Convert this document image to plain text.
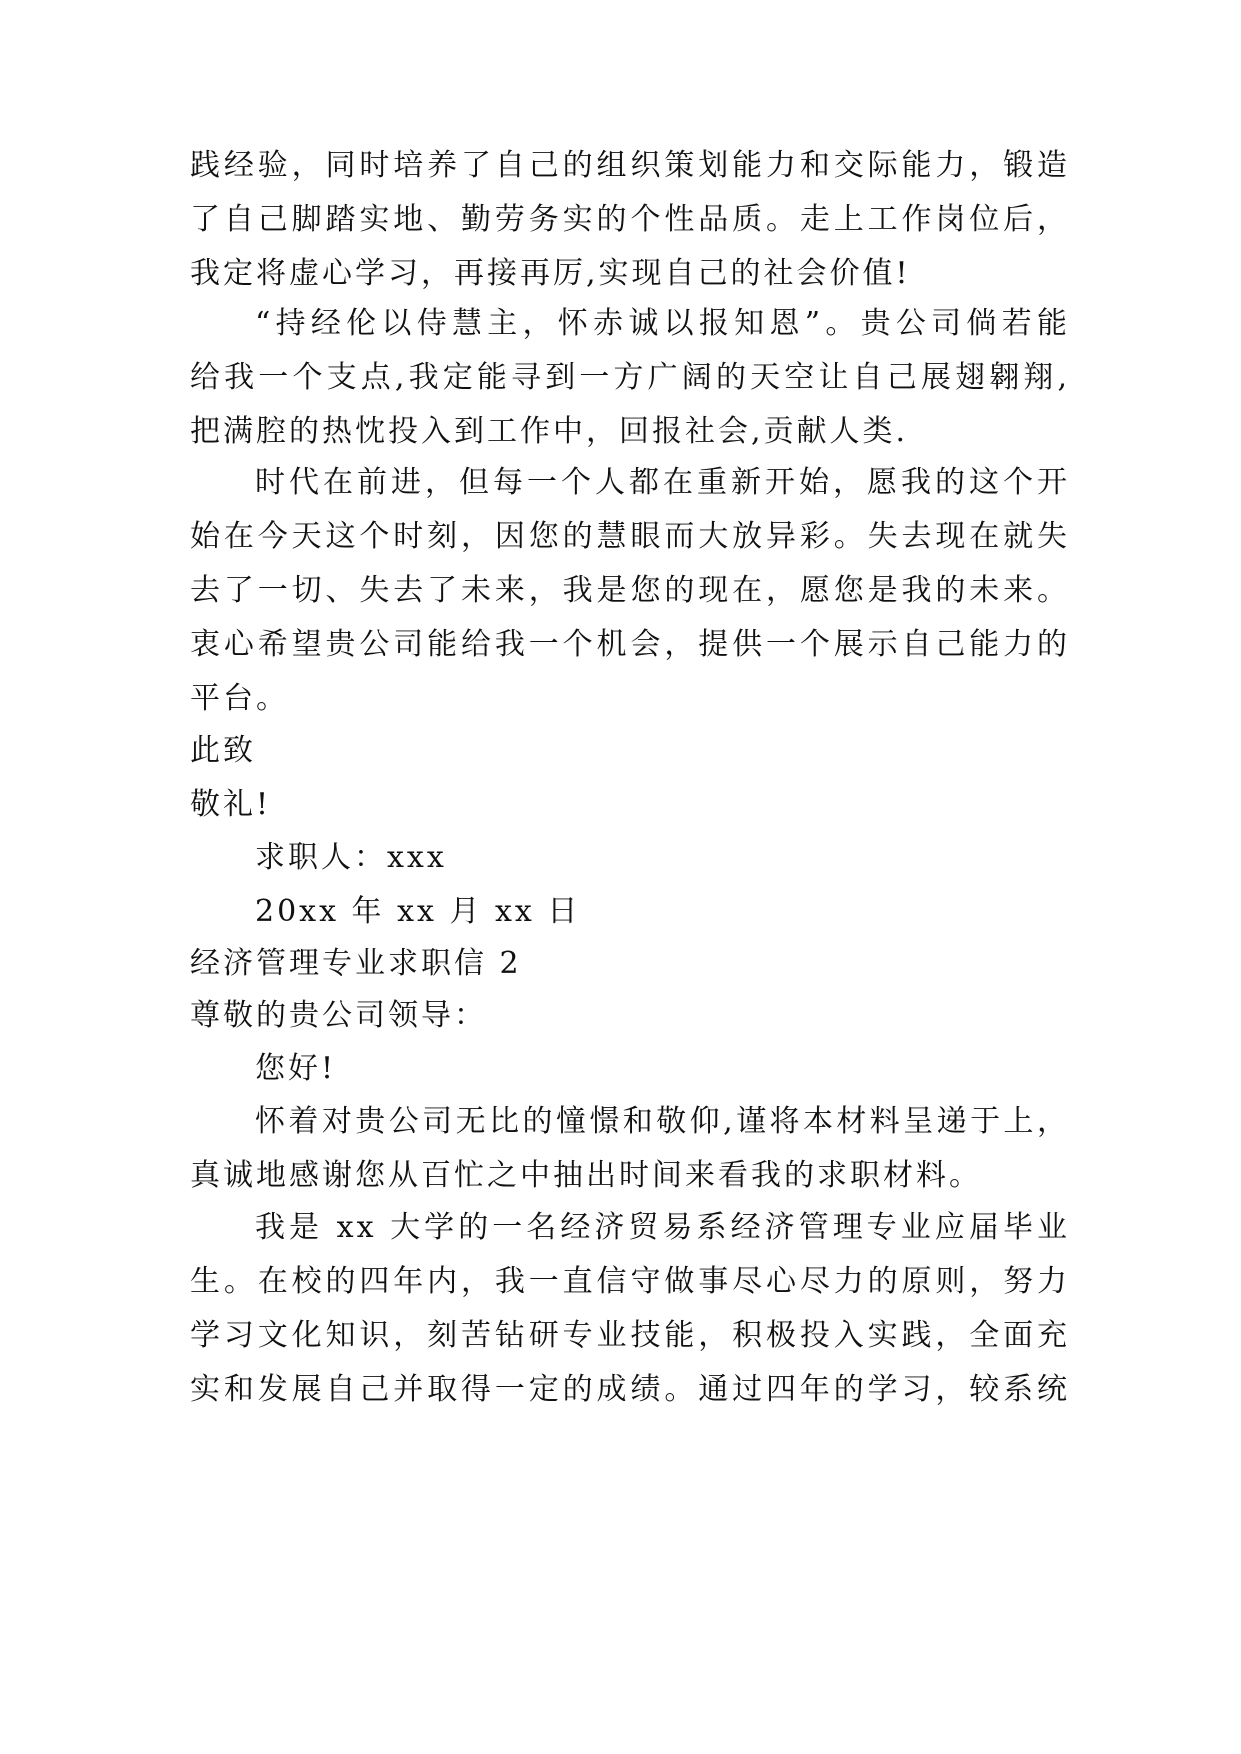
践经验，同时培养了自己的组织策划能力和交际能力，锻造
了自己脚踏实地、勤劳务实的个性品质。走上工作岗位后，
我定将虚心学习，再接再厉,实现自己的社会价值!
“持经伦以侍慧主，怀赤诚以报知恩”。贵公司倘若能
给我一个支点,我定能寻到一方广阔的天空让自己展翅翱翔,
把满腔的热忱投入到工作中，回报社会,贡献人类.
时代在前进，但每一个人都在重新开始，愿我的这个开
始在今天这个时刻，因您的慧眼而大放异彩。失去现在就失
去了一切、失去了未来，我是您的现在，愿您是我的未来。
衷心希望贵公司能给我一个机会，提供一个展示自己能力的
平台。
此致
敬礼!
求职人：xxx
20xx 年 xx 月 xx 日
经济管理专业求职信 2
尊敬的贵公司领导：
您好!
怀着对贵公司无比的憧憬和敬仰,谨将本材料呈递于上，
真诚地感谢您从百忙之中抽出时间来看我的求职材料。
我是 xx 大学的一名经济贸易系经济管理专业应届毕业
生。在校的四年内，我一直信守做事尽心尽力的原则，努力
学习文化知识，刻苦钻研专业技能，积极投入实践，全面充
实和发展自己并取得一定的成绩。通过四年的学习，较系统
